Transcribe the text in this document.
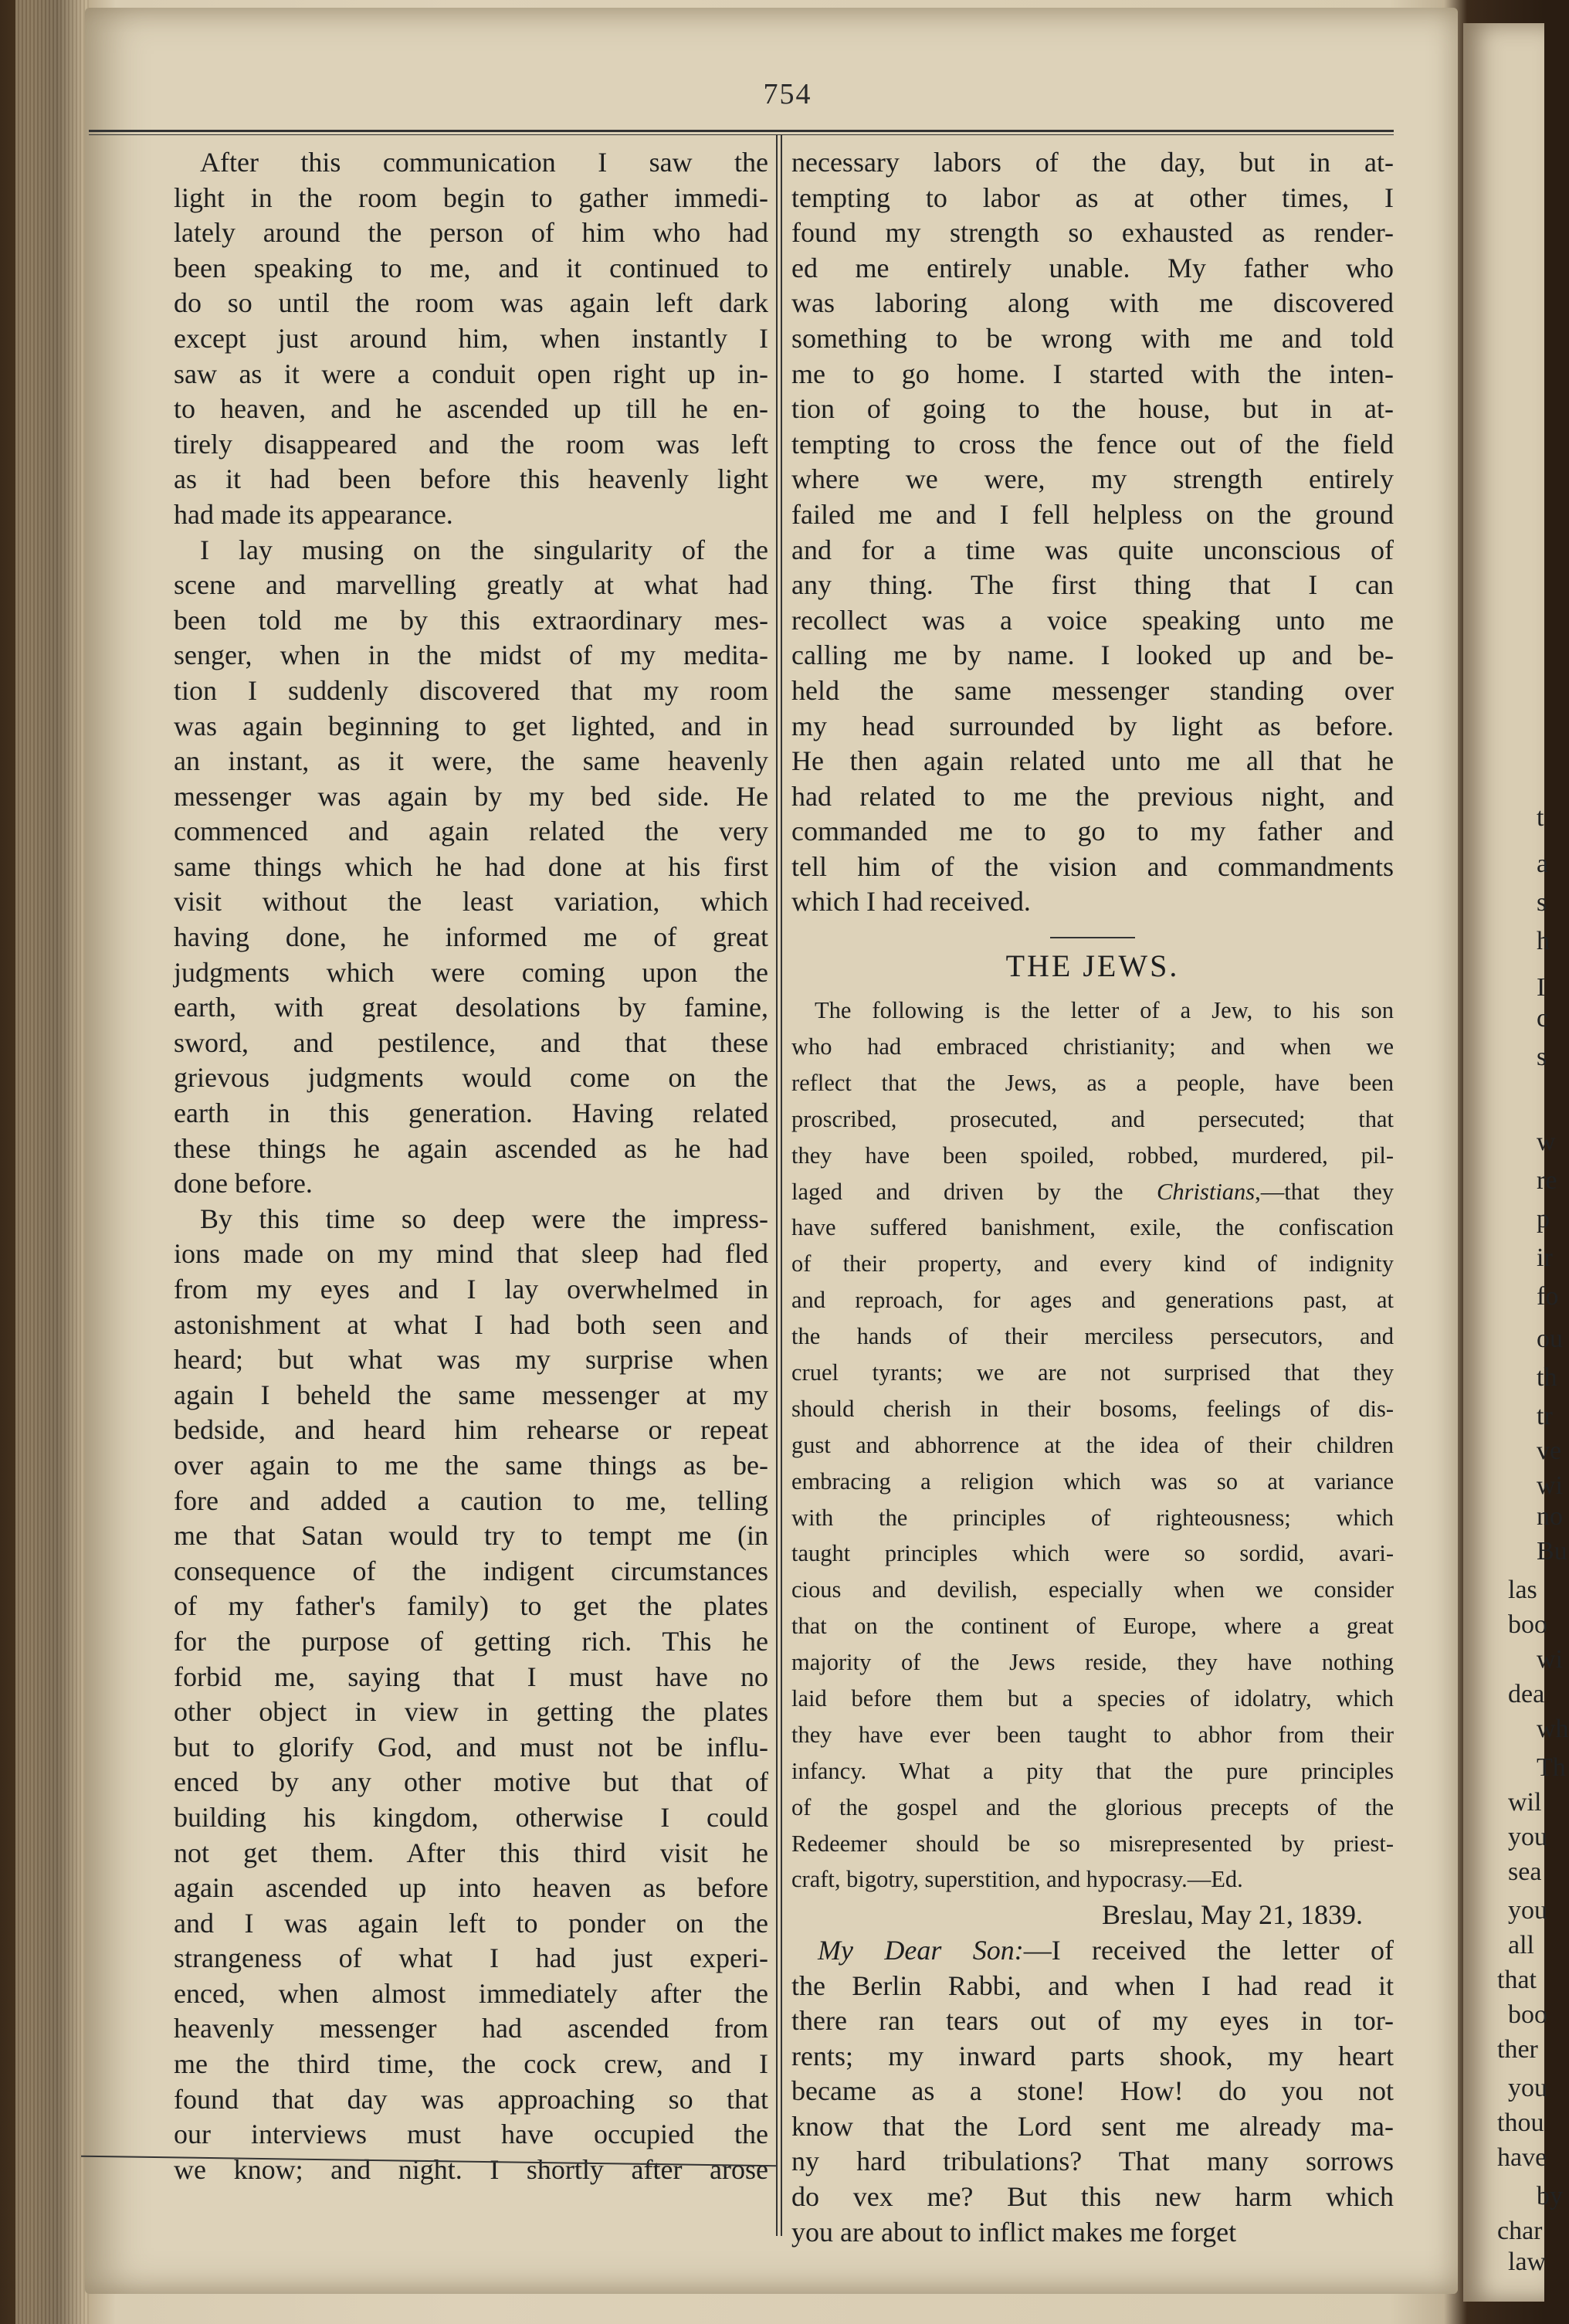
t
a
s
h
I
c
s
w
re
p
ir
fo
ou
th
tr
ve
wi
no
Bu
las
boo
wi
dea
wh
Th
wil
you
sea
you
all
that
boo
ther
you
thou
have
by
char
law
754
After this communication I saw the
light in the room begin to gather immedi-
lately around the person of him who had
been speaking to me, and it continued to
do so until the room was again left dark
except just around him, when instantly I
saw as it were a conduit open right up in-
to heaven, and he ascended up till he en-
tirely disappeared and the room was left
as it had been before this heavenly light
had made its appearance.
I lay musing on the singularity of the
scene and marvelling greatly at what had
been told me by this extraordinary mes-
senger, when in the midst of my medita-
tion I suddenly discovered that my room
was again beginning to get lighted, and in
an instant, as it were, the same heavenly
messenger was again by my bed side. He
commenced and again related the very
same things which he had done at his first
visit without the least variation, which
having done, he informed me of great
judgments which were coming upon the
earth, with great desolations by famine,
sword, and pestilence, and that these
grievous judgments would come on the
earth in this generation. Having related
these things he again ascended as he had
done before.
By this time so deep were the impress-
ions made on my mind that sleep had fled
from my eyes and I lay overwhelmed in
astonishment at what I had both seen and
heard; but what was my surprise when
again I beheld the same messenger at my
bedside, and heard him rehearse or repeat
over again to me the same things as be-
fore and added a caution to me, telling
me that Satan would try to tempt me (in
consequence of the indigent circumstances
of my father's family) to get the plates
for the purpose of getting rich. This he
forbid me, saying that I must have no
other object in view in getting the plates
but to glorify God, and must not be influ-
enced by any other motive but that of
building his kingdom, otherwise I could
not get them. After this third visit he
again ascended up into heaven as before
and I was again left to ponder on the
strangeness of what I had just experi-
enced, when almost immediately after the
heavenly messenger had ascended from
me the third time, the cock crew, and I
found that day was approaching so that
our interviews must have occupied the
we know; and night. I shortly after arose
necessary labors of the day, but in at-
tempting to labor as at other times, I
found my strength so exhausted as render-
ed me entirely unable. My father who
was laboring along with me discovered
something to be wrong with me and told
me to go home. I started with the inten-
tion of going to the house, but in at-
tempting to cross the fence out of the field
where we were, my strength entirely
failed me and I fell helpless on the ground
and for a time was quite unconscious of
any thing. The first thing that I can
recollect was a voice speaking unto me
calling me by name. I looked up and be-
held the same messenger standing over
my head surrounded by light as before.
He then again related unto me all that he
had related to me the previous night, and
commanded me to go to my father and
tell him of the vision and commandments
which I had received.
THE JEWS.
The following is the letter of a Jew, to his son
who had embraced christianity; and when we
reflect that the Jews, as a people, have been
proscribed, prosecuted, and persecuted; that
they have been spoiled, robbed, murdered, pil-
laged and driven by the Christians,—that they
have suffered banishment, exile, the confiscation
of their property, and every kind of indignity
and reproach, for ages and generations past, at
the hands of their merciless persecutors, and
cruel tyrants; we are not surprised that they
should cherish in their bosoms, feelings of dis-
gust and abhorrence at the idea of their children
embracing a religion which was so at variance
with the principles of righteousness; which
taught principles which were so sordid, avari-
cious and devilish, especially when we consider
that on the continent of Europe, where a great
majority of the Jews reside, they have nothing
laid before them but a species of idolatry, which
they have ever been taught to abhor from their
infancy. What a pity that the pure principles
of the gospel and the glorious precepts of the
Redeemer should be so misrepresented by priest-
craft, bigotry, superstition, and hypocrasy.—Ed.
Breslau, May 21, 1839.
My Dear Son:—I received the letter of
the Berlin Rabbi, and when I had read it
there ran tears out of my eyes in tor-
rents; my inward parts shook, my heart
became as a stone! How! do you not
know that the Lord sent me already ma-
ny hard tribulations? That many sorrows
do vex me? But this new harm which
you are about to inflict makes me forget
